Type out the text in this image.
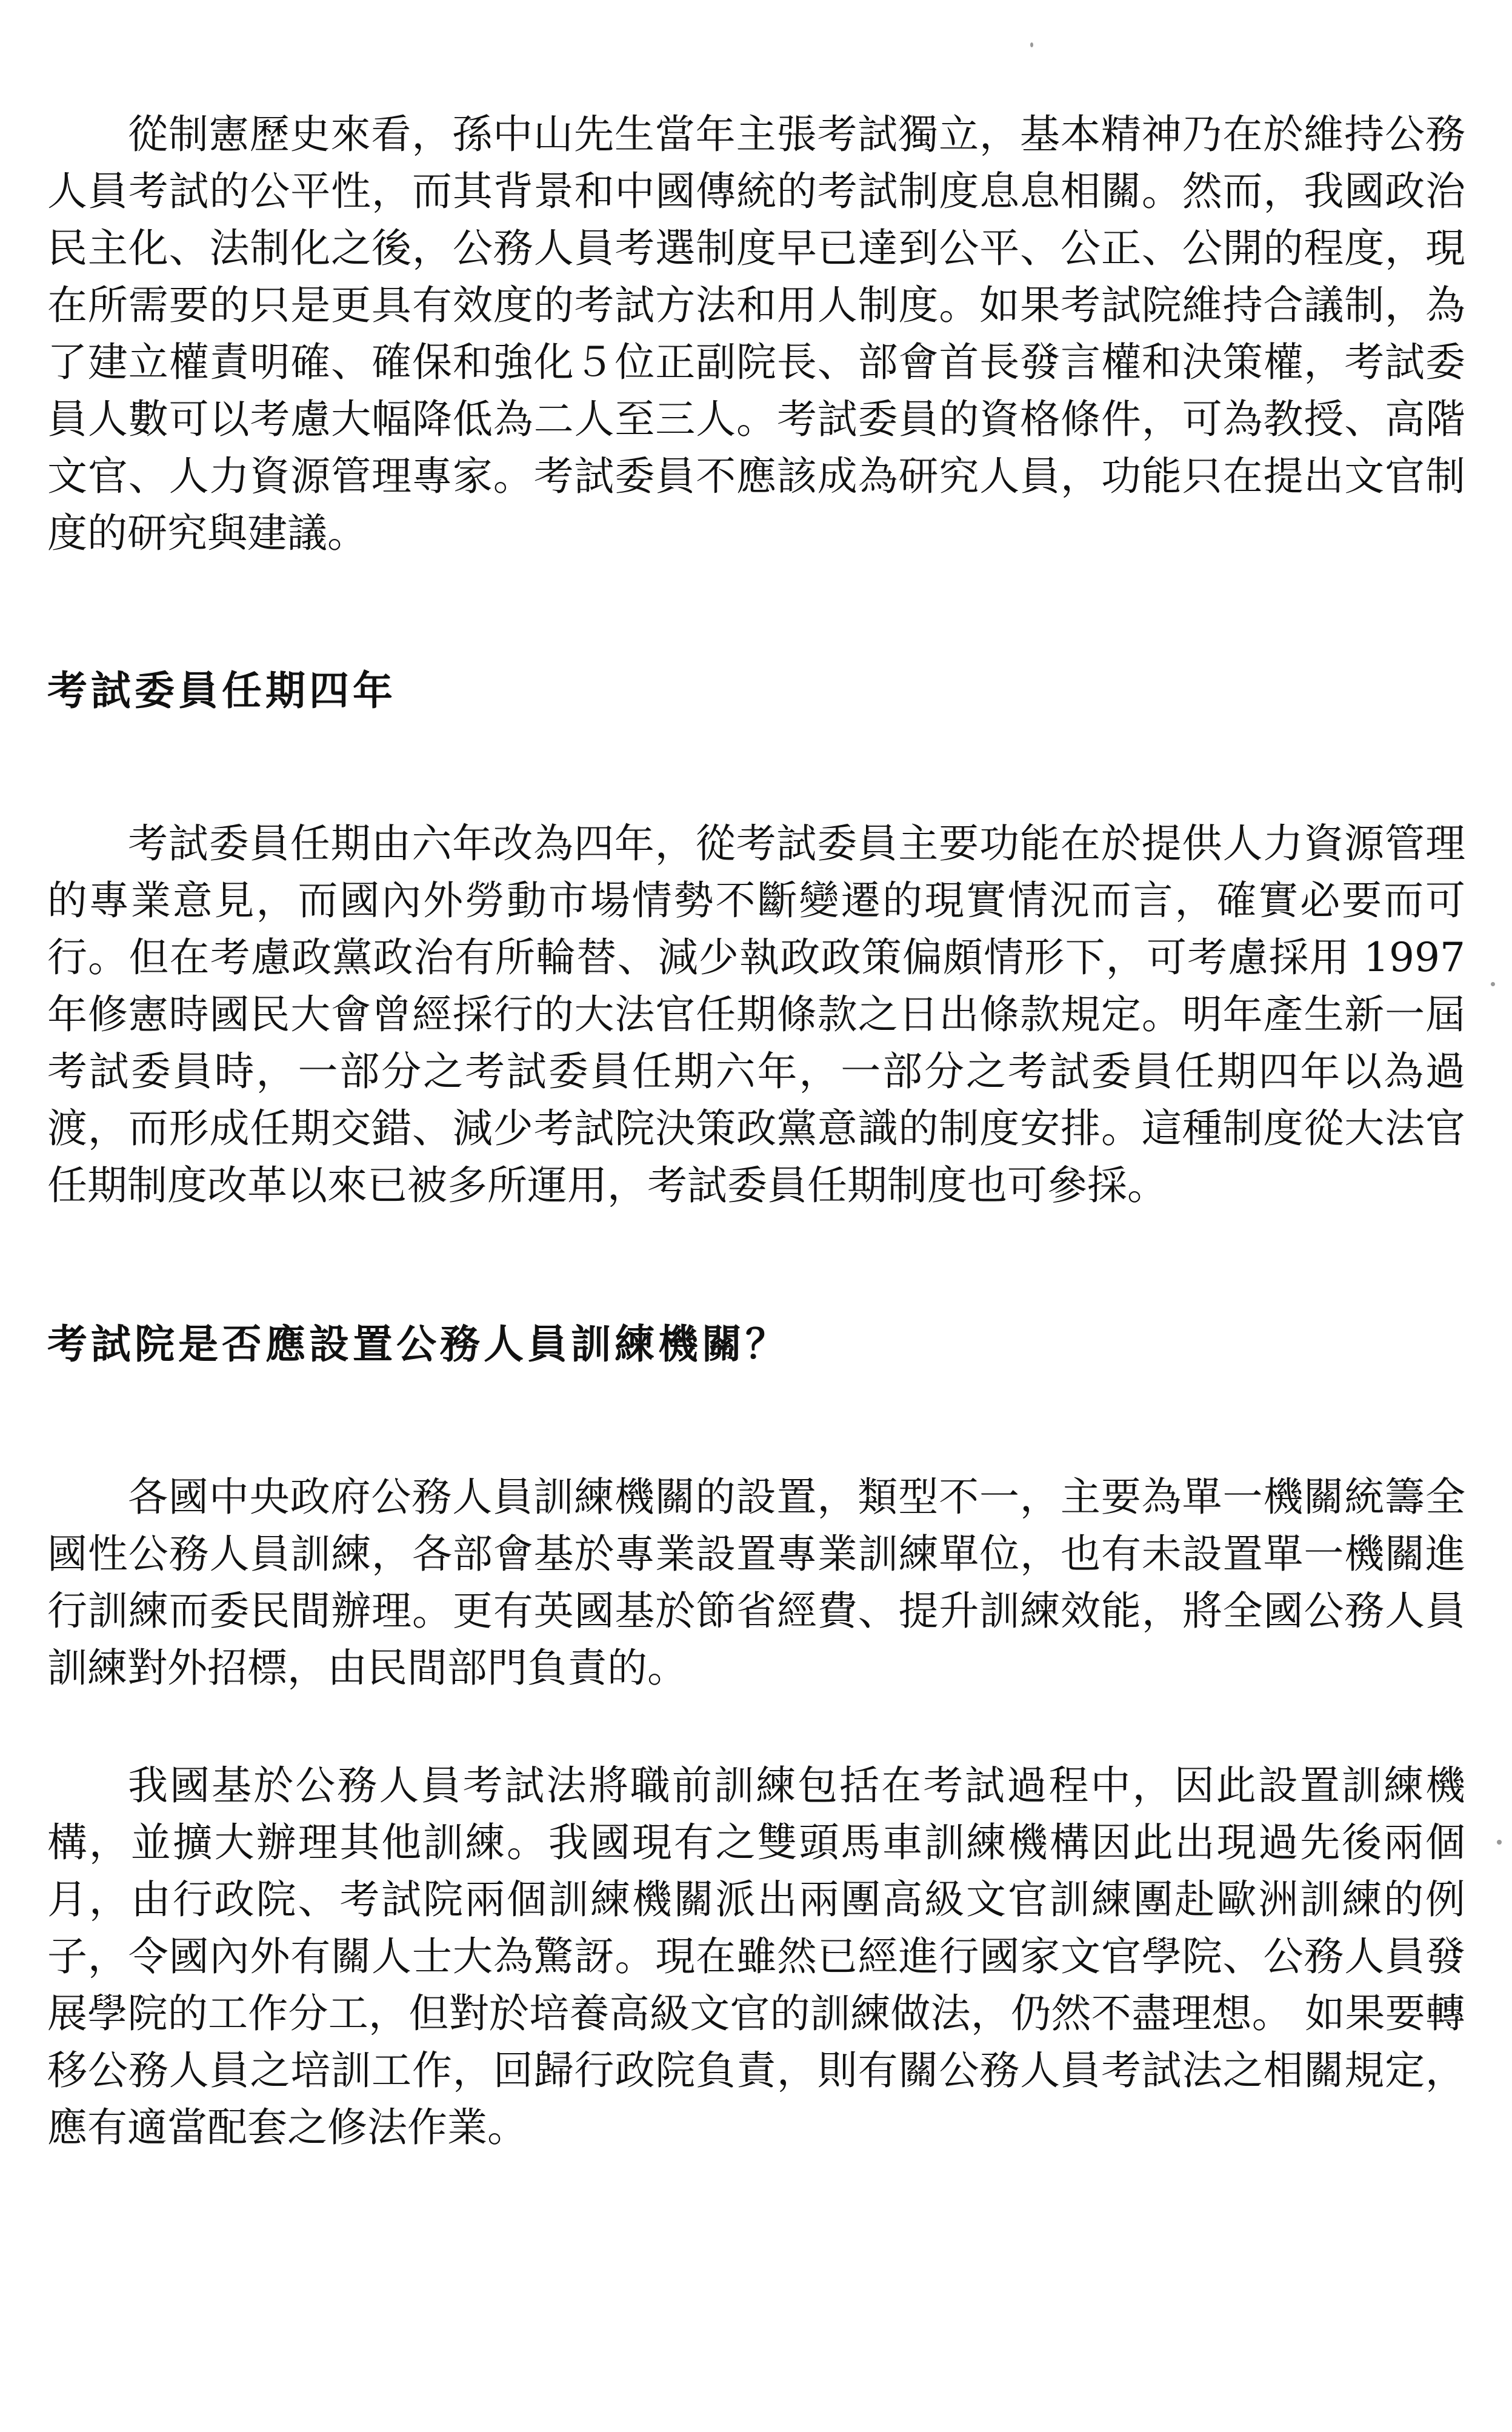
從制憲歷史來看，孫中山先生當年主張考試獨立，基本精神乃在於維持公務人員考試的公平性，而其背景和中國傳統的考試制度息息相關。然而，我國政治民主化、法制化之後，公務人員考選制度早已達到公平、公正、公開的程度，現在所需要的只是更具有效度的考試方法和用人制度。如果考試院維持合議制，為了建立權責明確、確保和強化５位正副院長、部會首長發言權和決策權，考試委員人數可以考慮大幅降低為二人至三人。考試委員的資格條件，可為教授、高階文官、人力資源管理專家。考試委員不應該成為研究人員，功能只在提出文官制度的研究與建議。

考試委員任期四年

考試委員任期由六年改為四年，從考試委員主要功能在於提供人力資源管理的專業意見，而國內外勞動市場情勢不斷變遷的現實情況而言，確實必要而可行。但在考慮政黨政治有所輪替、減少執政政策偏頗情形下，可考慮採用 1997 年修憲時國民大會曾經採行的大法官任期條款之日出條款規定。明年產生新一屆考試委員時，一部分之考試委員任期六年，一部分之考試委員任期四年以為過渡，而形成任期交錯、減少考試院決策政黨意識的制度安排。這種制度從大法官任期制度改革以來已被多所運用，考試委員任期制度也可參採。

考試院是否應設置公務人員訓練機關？

各國中央政府公務人員訓練機關的設置，類型不一，主要為單一機關統籌全國性公務人員訓練，各部會基於專業設置專業訓練單位，也有未設置單一機關進行訓練而委民間辦理。更有英國基於節省經費、提升訓練效能，將全國公務人員訓練對外招標，由民間部門負責的。

我國基於公務人員考試法將職前訓練包括在考試過程中，因此設置訓練機構，並擴大辦理其他訓練。我國現有之雙頭馬車訓練機構因此出現過先後兩個月，由行政院、考試院兩個訓練機關派出兩團高級文官訓練團赴歐洲訓練的例子，令國內外有關人士大為驚訝。現在雖然已經進行國家文官學院、公務人員發展學院的工作分工，但對於培養高級文官的訓練做法，仍然不盡理想。 如果要轉移公務人員之培訓工作，回歸行政院負責，則有關公務人員考試法之相關規定，應有適當配套之修法作業。
